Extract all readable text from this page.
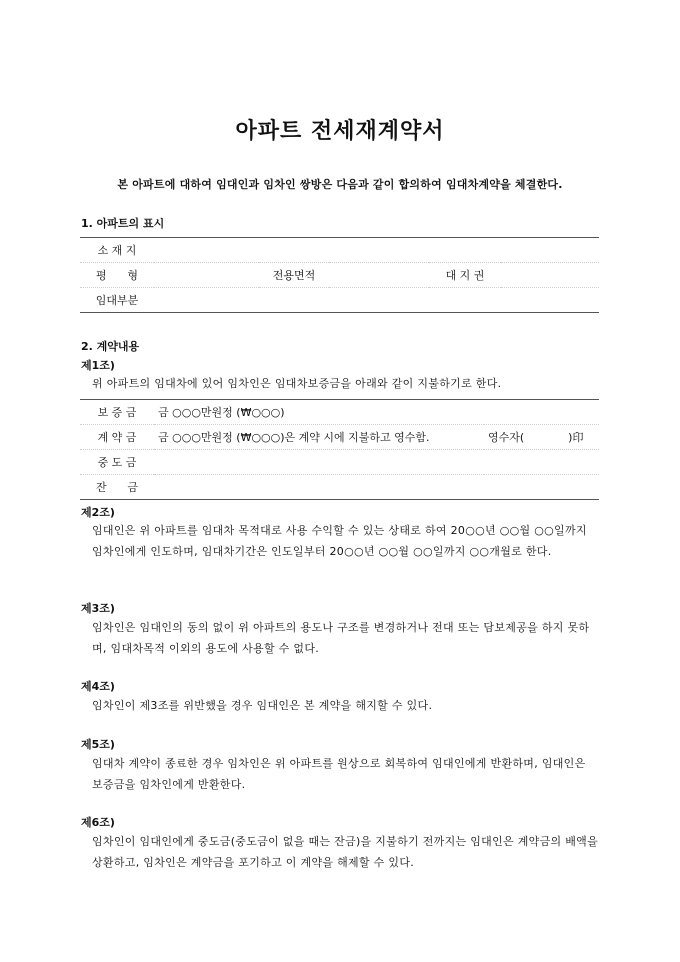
아파트 전세재계약서
본 아파트에 대하여 임대인과 임차인 쌍방은 다음과 같이 합의하여 임대차계약을 체결한다.
1. 아파트의 표시
소 재 지					
평 형		전용면적		대 지 권	
임대부분					
2. 계약내용
제1조)
위 아파트의 임대차에 있어 임차인은 임대차보증금을 아래와 같이 지불하기로 한다.
보 증 금	금 ○○○만원정 (₩○○○)	
계 약 금	금 ○○○만원정 (₩○○○)은 계약 시에 지불하고 영수함.	영수자(　　　　)印
중 도 금		
잔 금		
제2조)
임대인은 위 아파트를 임대차 목적대로 사용 수익할 수 있는 상태로 하여 20○○년 ○○월 ○○일까지 임차인에게 인도하며, 임대차기간은 인도일부터 20○○년 ○○월 ○○일까지 ○○개월로 한다.
제3조)
임차인은 임대인의 동의 없이 위 아파트의 용도나 구조를 변경하거나 전대 또는 담보제공을 하지 못하며, 임대차목적 이외의 용도에 사용할 수 없다.
제4조)
임차인이 제3조를 위반했을 경우 임대인은 본 계약을 해지할 수 있다.
제5조)
임대차 계약이 종료한 경우 임차인은 위 아파트를 원상으로 회복하여 임대인에게 반환하며, 임대인은 보증금을 임차인에게 반환한다.
제6조)
임차인이 임대인에게 중도금(중도금이 없을 때는 잔금)을 지불하기 전까지는 임대인은 계약금의 배액을 상환하고, 임차인은 계약금을 포기하고 이 계약을 해제할 수 있다.
